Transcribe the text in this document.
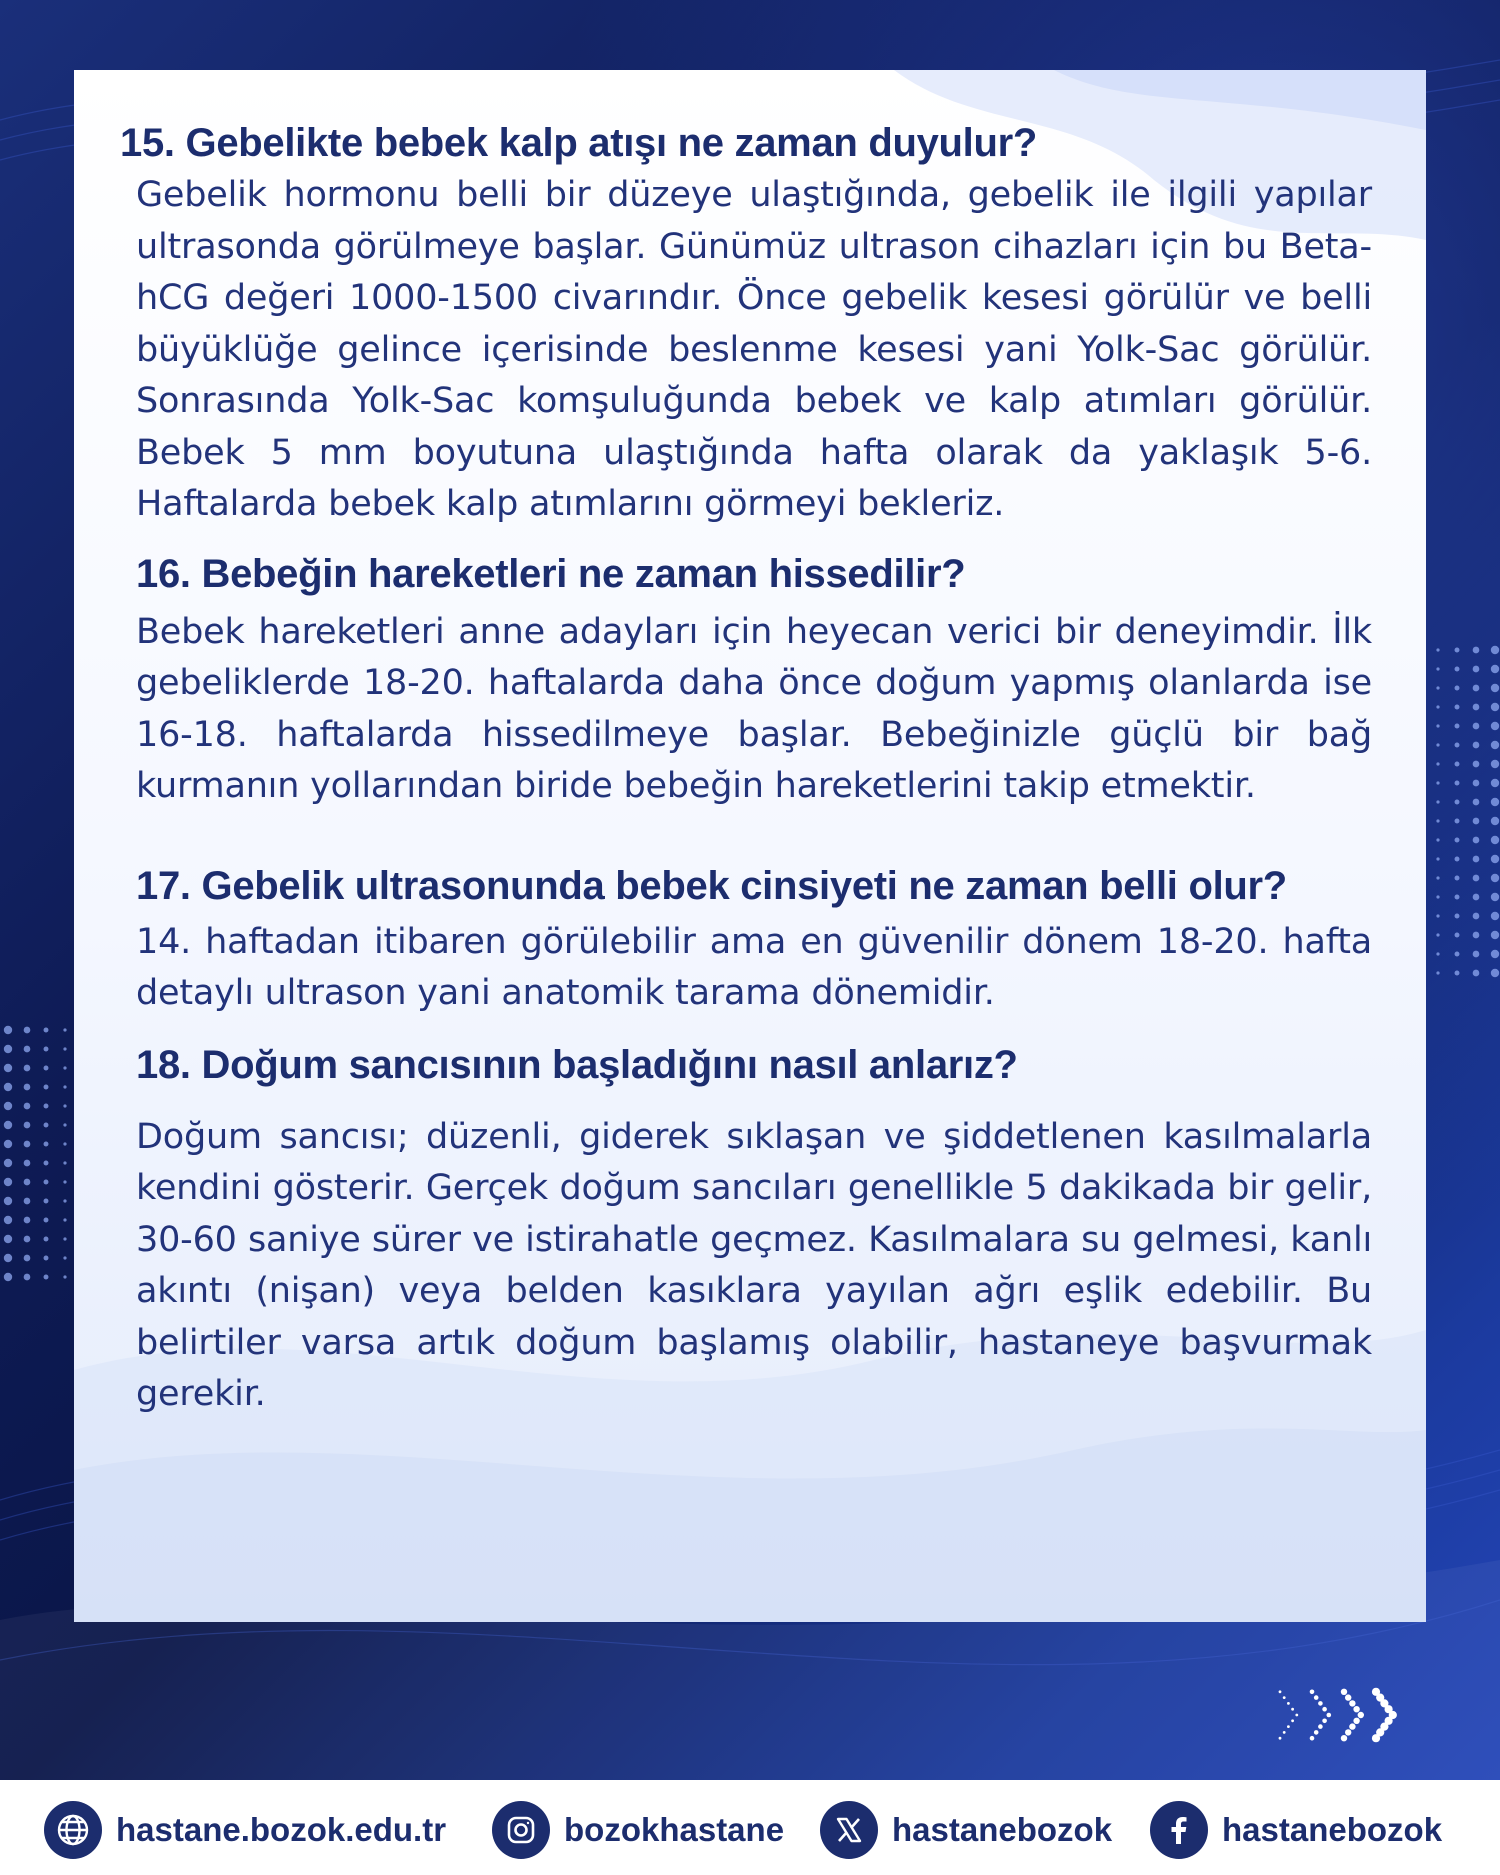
15. Gebelikte bebek kalp atışı ne zaman duyulur?
Gebelik hormonu belli bir düzeye ulaştığında, gebelik ile ilgili yapılar ultrasonda görülmeye başlar. Günümüz ultrason cihazları için bu Beta-hCG değeri 1000-1500 civarındır. Önce gebelik kesesi görülür ve belli büyüklüğe gelince içerisinde beslenme kesesi yani Yolk-Sac görülür. Sonrasında Yolk-Sac komşuluğunda bebek ve kalp atımları görülür. Bebek 5 mm boyutuna ulaştığında hafta olarak da yaklaşık 5-6. Haftalarda bebek kalp atımlarını görmeyi bekleriz.
16. Bebeğin hareketleri ne zaman hissedilir?
Bebek hareketleri anne adayları için heyecan verici bir deneyimdir. İlk gebeliklerde 18-20. haftalarda daha önce doğum yapmış olanlarda ise 16-18. haftalarda hissedilmeye başlar. Bebeğinizle güçlü bir bağ kurmanın yollarından biride bebeğin hareketlerini takip etmektir.
17. Gebelik ultrasonunda bebek cinsiyeti ne zaman belli olur?
14. haftadan itibaren görülebilir ama en güvenilir dönem 18-20. hafta detaylı ultrason yani anatomik tarama dönemidir.
18. Doğum sancısının başladığını nasıl anlarız?
Doğum sancısı; düzenli, giderek sıklaşan ve şiddetlenen kasılmalarla kendini gösterir. Gerçek doğum sancıları genellikle 5 dakikada bir gelir, 30-60 saniye sürer ve istirahatle geçmez. Kasılmalara su gelmesi, kanlı akıntı (nişan) veya belden kasıklara yayılan ağrı eşlik edebilir. Bu belirtiler varsa artık doğum başlamış olabilir, hastaneye başvurmak gerekir.
hastane.bozok.edu.tr	bozokhastane	hastanebozok	hastanebozok
